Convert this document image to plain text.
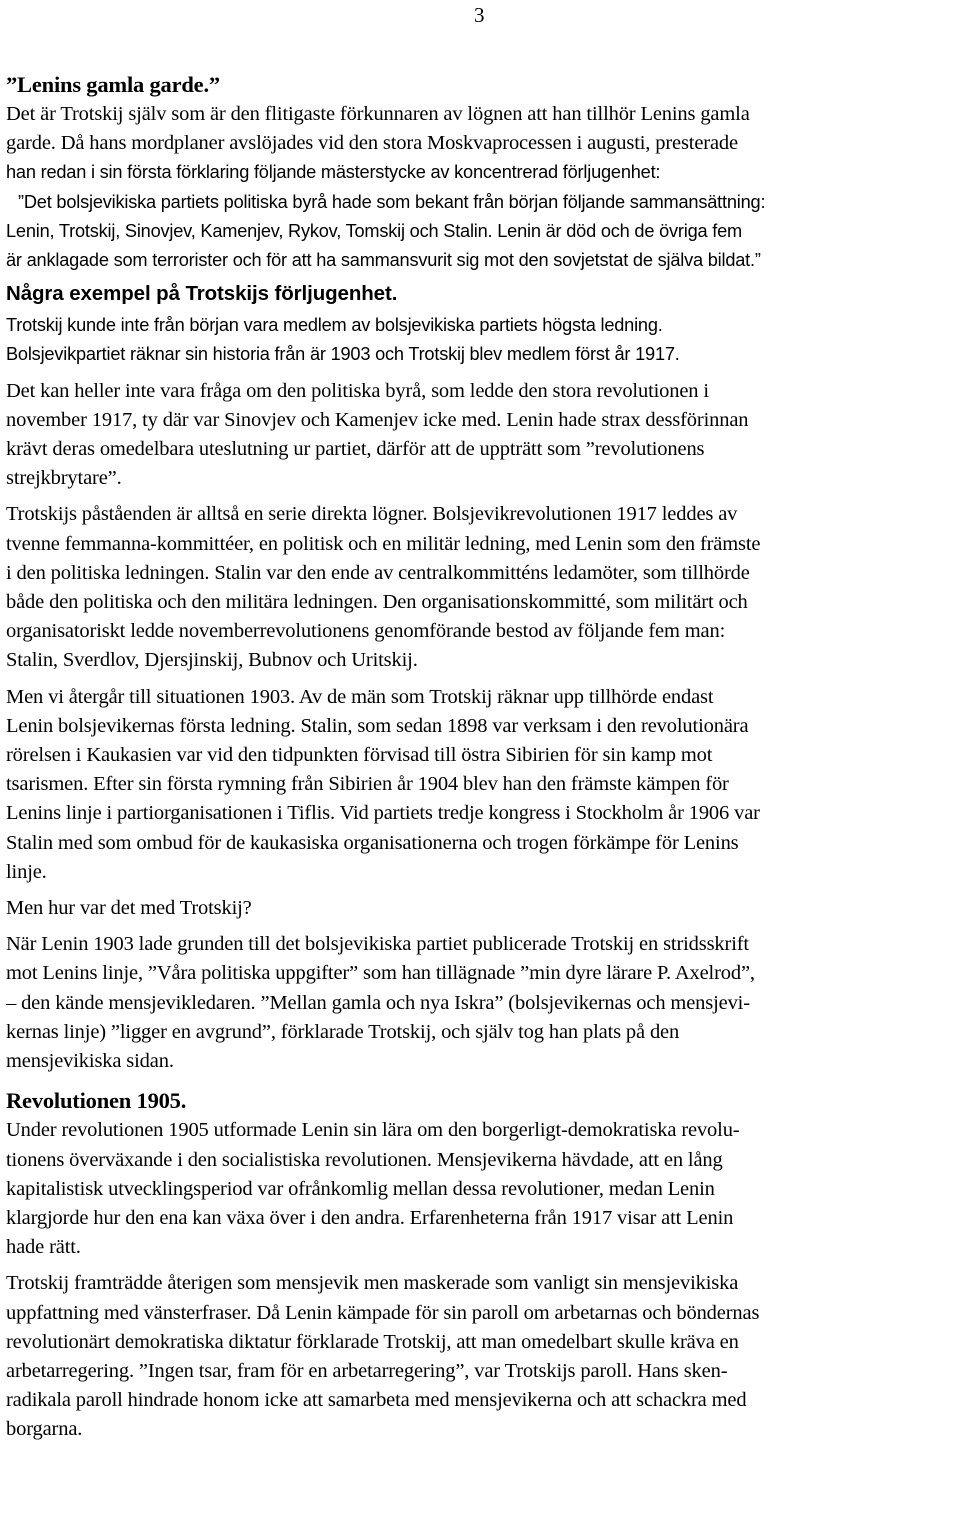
3
”Lenins gamla garde.”
Det är Trotskij själv som är den flitigaste förkunnaren av lögnen att han tillhör Lenins gamla
garde. Då hans mordplaner avslöjades vid den stora Moskvaprocessen i augusti, presterade
han redan i sin första förklaring följande mästerstycke av koncentrerad förljugenhet:
”Det bolsjevikiska partiets politiska byrå hade som bekant från början följande sammansättning:
Lenin, Trotskij, Sinovjev, Kamenjev, Rykov, Tomskij och Stalin. Lenin är död och de övriga fem
är anklagade som terrorister och för att ha sammansvurit sig mot den sovjetstat de själva bildat.”
Några exempel på Trotskijs förljugenhet.
Trotskij kunde inte från början vara medlem av bolsjevikiska partiets högsta ledning.
Bolsjevikpartiet räknar sin historia från är 1903 och Trotskij blev medlem först år 1917.
Det kan heller inte vara fråga om den politiska byrå, som ledde den stora revolutionen i
november 1917, ty där var Sinovjev och Kamenjev icke med. Lenin hade strax dessförinnan
krävt deras omedelbara uteslutning ur partiet, därför att de uppträtt som ”revolutionens
strejkbrytare”.
Trotskijs påståenden är alltså en serie direkta lögner. Bolsjevikrevolutionen 1917 leddes av
tvenne femmanna-kommittéer, en politisk och en militär ledning, med Lenin som den främste
i den politiska ledningen. Stalin var den ende av centralkommitténs ledamöter, som tillhörde
både den politiska och den militära ledningen. Den organisationskommitté, som militärt och
organisatoriskt ledde novemberrevolutionens genomförande bestod av följande fem man:
Stalin, Sverdlov, Djersjinskij, Bubnov och Uritskij.
Men vi återgår till situationen 1903. Av de män som Trotskij räknar upp tillhörde endast
Lenin bolsjevikernas första ledning. Stalin, som sedan 1898 var verksam i den revolutionära
rörelsen i Kaukasien var vid den tidpunkten förvisad till östra Sibirien för sin kamp mot
tsarismen. Efter sin första rymning från Sibirien år 1904 blev han den främste kämpen för
Lenins linje i partiorganisationen i Tiflis. Vid partiets tredje kongress i Stockholm år 1906 var
Stalin med som ombud för de kaukasiska organisationerna och trogen förkämpe för Lenins
linje.
Men hur var det med Trotskij?
När Lenin 1903 lade grunden till det bolsjevikiska partiet publicerade Trotskij en stridsskrift
mot Lenins linje, ”Våra politiska uppgifter” som han tillägnade ”min dyre lärare P. Axelrod”,
– den kände mensjevikledaren. ”Mellan gamla och nya Iskra” (bolsjevikernas och mensjevi-
kernas linje) ”ligger en avgrund”, förklarade Trotskij, och själv tog han plats på den
mensjevikiska sidan.
Revolutionen 1905.
Under revolutionen 1905 utformade Lenin sin lära om den borgerligt-demokratiska revolu-
tionens överväxande i den socialistiska revolutionen. Mensjevikerna hävdade, att en lång
kapitalistisk utvecklingsperiod var ofrånkomlig mellan dessa revolutioner, medan Lenin
klargjorde hur den ena kan växa över i den andra. Erfarenheterna från 1917 visar att Lenin
hade rätt.
Trotskij framträdde återigen som mensjevik men maskerade som vanligt sin mensjevikiska
uppfattning med vänsterfraser. Då Lenin kämpade för sin paroll om arbetarnas och böndernas
revolutionärt demokratiska diktatur förklarade Trotskij, att man omedelbart skulle kräva en
arbetarregering. ”Ingen tsar, fram för en arbetarregering”, var Trotskijs paroll. Hans sken-
radikala paroll hindrade honom icke att samarbeta med mensjevikerna och att schackra med
borgarna.
